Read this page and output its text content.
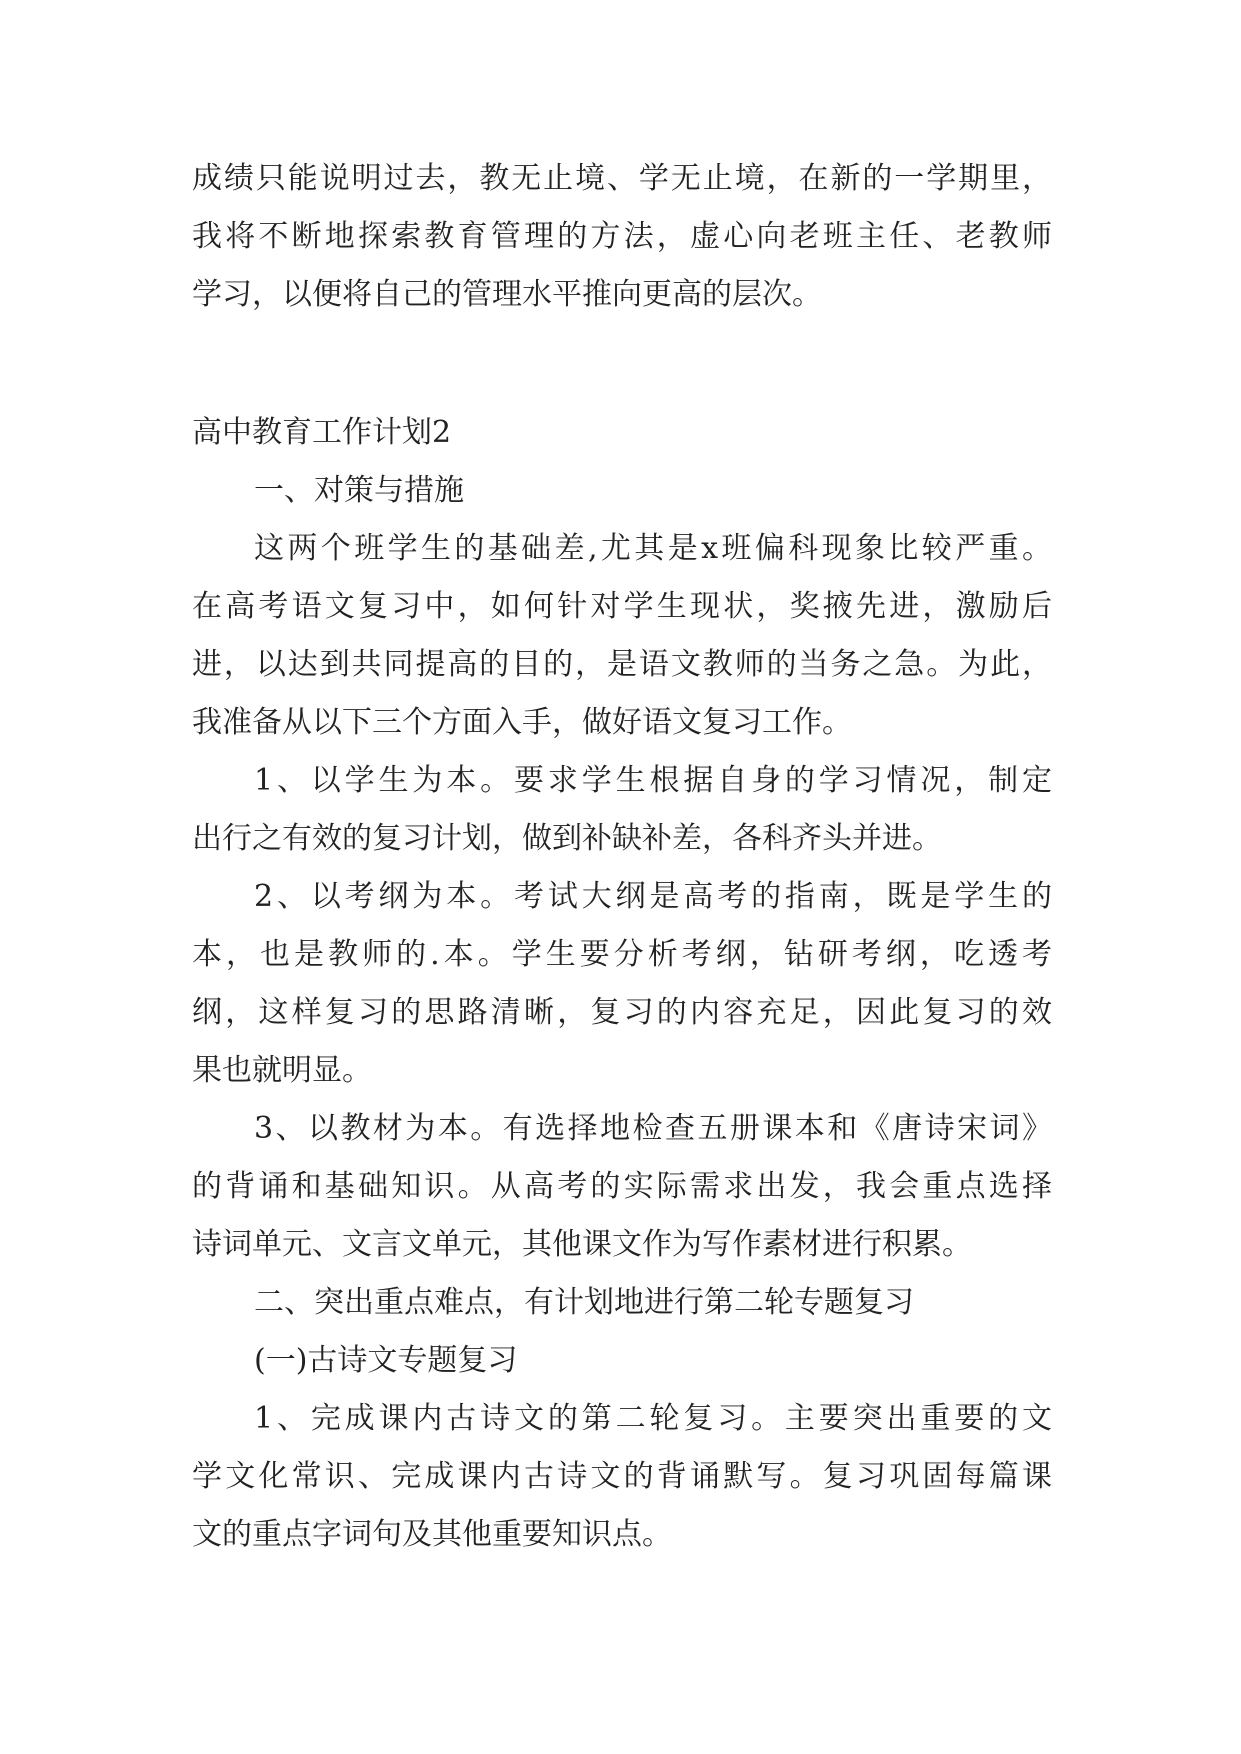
成绩只能说明过去，教无止境、学无止境，在新的一学期里，
我将不断地探索教育管理的方法，虚心向老班主任、老教师
学习，以便将自己的管理水平推向更高的层次。
高中教育工作计划2
一、对策与措施
这两个班学生的基础差,尤其是x班偏科现象比较严重。
在高考语文复习中，如何针对学生现状，奖掖先进，激励后
进，以达到共同提高的目的，是语文教师的当务之急。为此，
我准备从以下三个方面入手，做好语文复习工作。
1、以学生为本。要求学生根据自身的学习情况，制定
出行之有效的复习计划，做到补缺补差，各科齐头并进。
2、以考纲为本。考试大纲是高考的指南，既是学生的
本，也是教师的.本。学生要分析考纲，钻研考纲，吃透考
纲，这样复习的思路清晰，复习的内容充足，因此复习的效
果也就明显。
3、以教材为本。有选择地检查五册课本和《唐诗宋词》
的背诵和基础知识。从高考的实际需求出发，我会重点选择
诗词单元、文言文单元，其他课文作为写作素材进行积累。
二、突出重点难点，有计划地进行第二轮专题复习
(一)古诗文专题复习
1、完成课内古诗文的第二轮复习。主要突出重要的文
学文化常识、完成课内古诗文的背诵默写。复习巩固每篇课
文的重点字词句及其他重要知识点。
